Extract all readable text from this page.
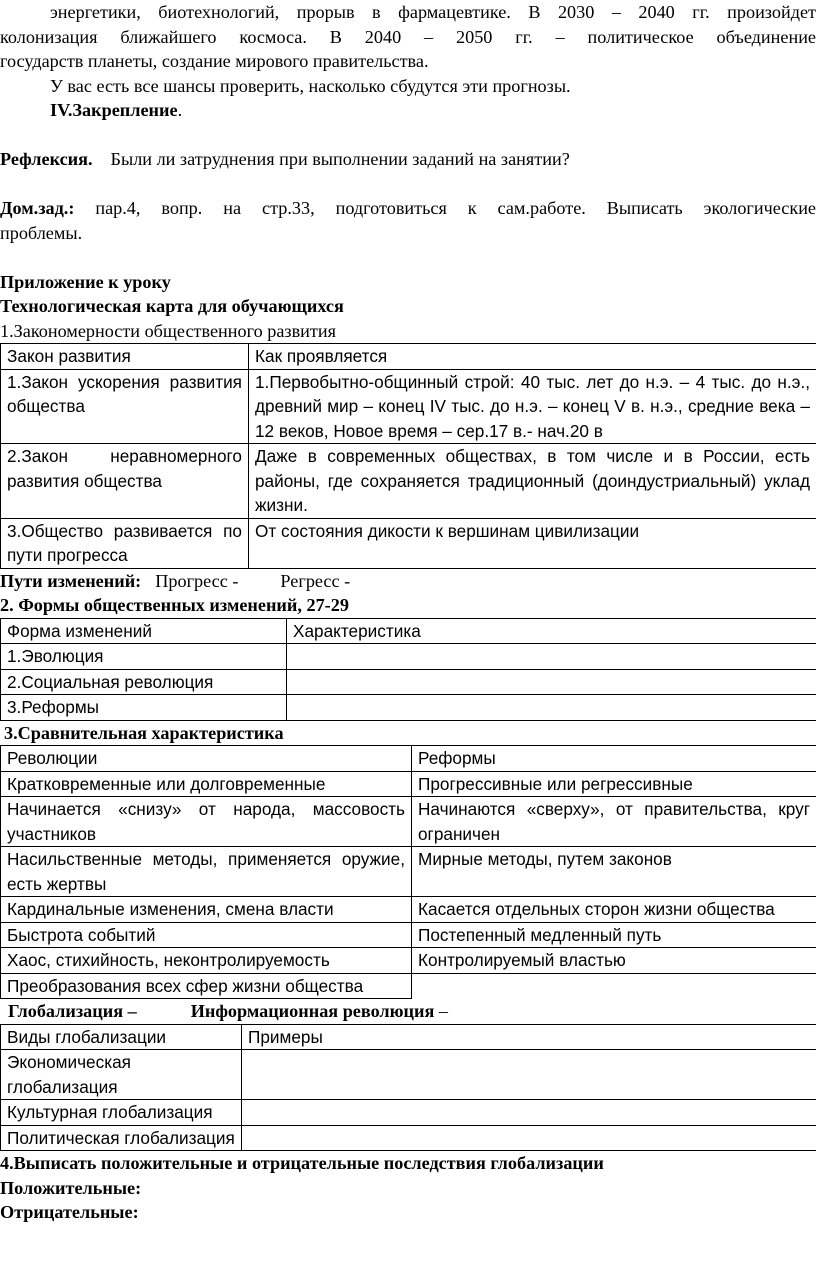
энергетики, биотехнологий, прорыв в фармацевтике. В 2030 – 2040 гг. произойдет

колонизация ближайшего космоса. В 2040 – 2050 гг. – политическое объединение

государств планеты, создание мирового правительства.

У вас есть все шансы проверить, насколько сбудутся эти прогнозы.

IV.Закрепление.

Рефлексия. Были ли затруднения при выполнении заданий на занятии?

Дом.зад.: пар.4, вопр. на стр.33, подготовиться к сам.работе. Выписать экологические

проблемы.

Приложение к уроку

Технологическая карта для обучающихся

1.Закономерности общественного развития

Закон развития	Как проявляется
1.Закон ускорения развития общества	1.Первобытно-общинный строй: 40 тыс. лет до н.э. – 4 тыс. до н.э., древний мир – конец IV тыс. до н.э. – конец V в. н.э., средние века – 12 веков, Новое время – сер.17 в.- нач.20 в
2.Закон неравномерного развития общества	Даже в современных обществах, в том числе и в России, есть районы, где сохраняется традиционный (доиндустриальный) уклад жизни.
3.Общество развивается по пути прогресса	От состояния дикости к вершинам цивилизации

Пути изменений: Прогресс - Регресс -

2. Формы общественных изменений, 27-29

Форма изменений	Характеристика
1.Эволюция	
2.Социальная революция	
3.Реформы	

3.Сравнительная характеристика

Революции	Реформы
Кратковременные или долговременные	Прогрессивные или регрессивные
Начинается «снизу» от народа, массовость участников	Начинаются «сверху», от правительства, круг ограничен
Насильственные методы, применяется оружие, есть жертвы	Мирные методы, путем законов
Кардинальные изменения, смена власти	Касается отдельных сторон жизни общества
Быстрота событий	Постепенный медленный путь
Хаос, стихийность, неконтролируемость	Контролируемый властью
Преобразования всех сфер жизни общества	

Глобализация –	Информационная революция –

Виды глобализации	Примеры
Экономическая глобализация	
Культурная глобализация	
Политическая глобализация	

4.Выписать положительные и отрицательные последствия глобализации

Положительные:

Отрицательные:
